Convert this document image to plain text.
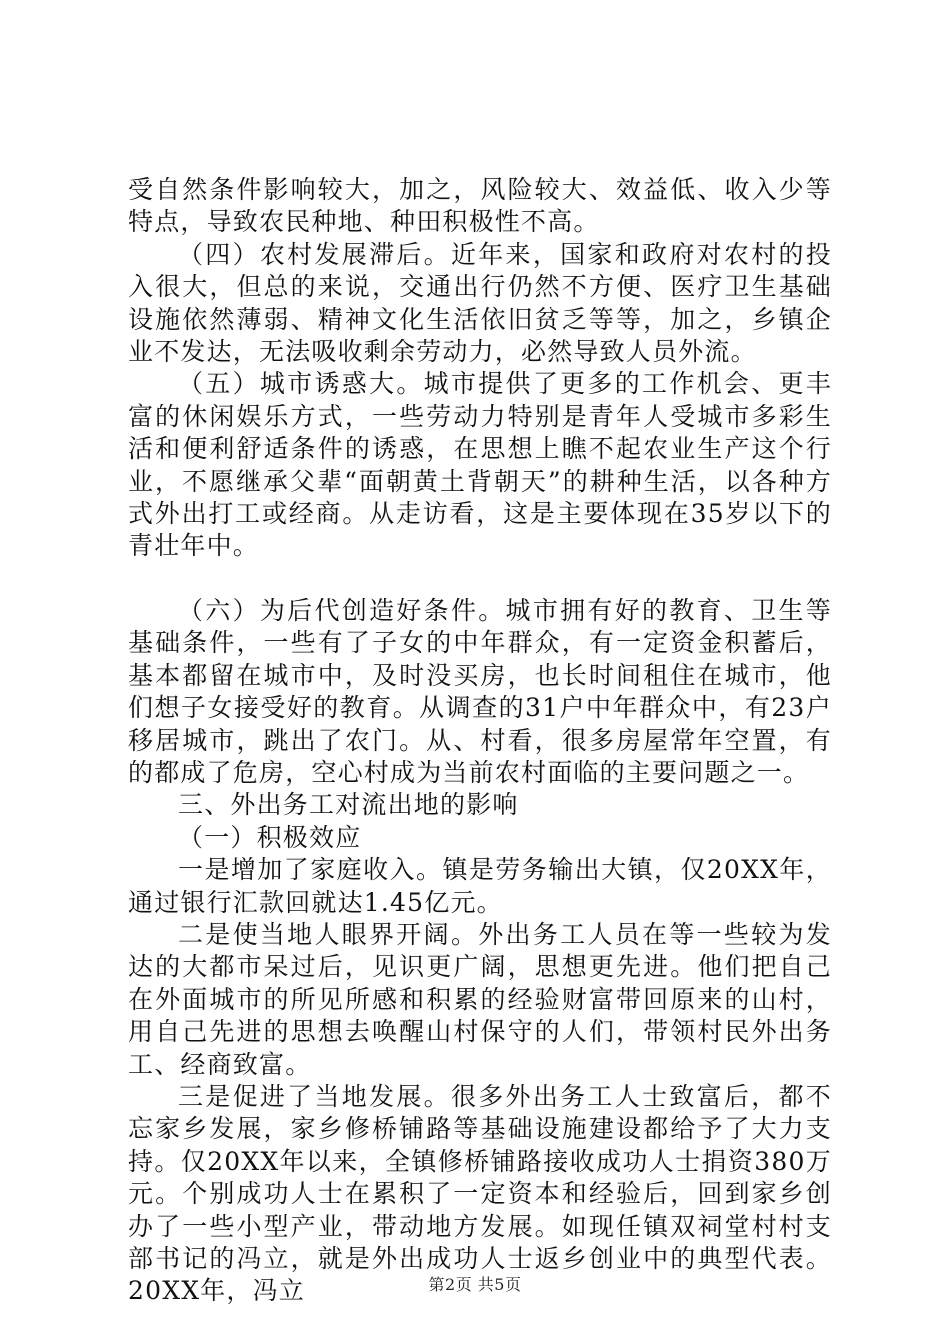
受自然条件影响较大，加之，风险较大、效益低、收入少等特点，导致农民种地、种田积极性不高。

（四）农村发展滞后。近年来，国家和政府对农村的投入很大，但总的来说，交通出行仍然不方便、医疗卫生基础设施依然薄弱、精神文化生活依旧贫乏等等，加之，乡镇企业不发达，无法吸收剩余劳动力，必然导致人员外流。

（五）城市诱惑大。城市提供了更多的工作机会、更丰富的休闲娱乐方式，一些劳动力特别是青年人受城市多彩生活和便利舒适条件的诱惑，在思想上瞧不起农业生产这个行业，不愿继承父辈“面朝黄土背朝天”的耕种生活，以各种方式外出打工或经商。从走访看，这是主要体现在35岁以下的青壮年中。

（六）为后代创造好条件。城市拥有好的教育、卫生等基础条件，一些有了子女的中年群众，有一定资金积蓄后，基本都留在城市中，及时没买房，也长时间租住在城市，他们想子女接受好的教育。从调查的31户中年群众中，有23户移居城市，跳出了农门。从、村看，很多房屋常年空置，有的都成了危房，空心村成为当前农村面临的主要问题之一。

三、外出务工对流出地的影响

（一）积极效应

一是增加了家庭收入。镇是劳务输出大镇，仅20XX年，通过银行汇款回就达1.45亿元。

二是使当地人眼界开阔。外出务工人员在等一些较为发达的大都市呆过后，见识更广阔，思想更先进。他们把自己在外面城市的所见所感和积累的经验财富带回原来的山村，用自己先进的思想去唤醒山村保守的人们，带领村民外出务工、经商致富。

三是促进了当地发展。很多外出务工人士致富后，都不忘家乡发展，家乡修桥铺路等基础设施建设都给予了大力支持。仅20XX年以来，全镇修桥铺路接收成功人士捐资380万元。个别成功人士在累积了一定资本和经验后，回到家乡创办了一些小型产业，带动地方发展。如现任镇双祠堂村村支部书记的冯立，就是外出成功人士返乡创业中的典型代表。20XX年，冯立	第2页 共5页
